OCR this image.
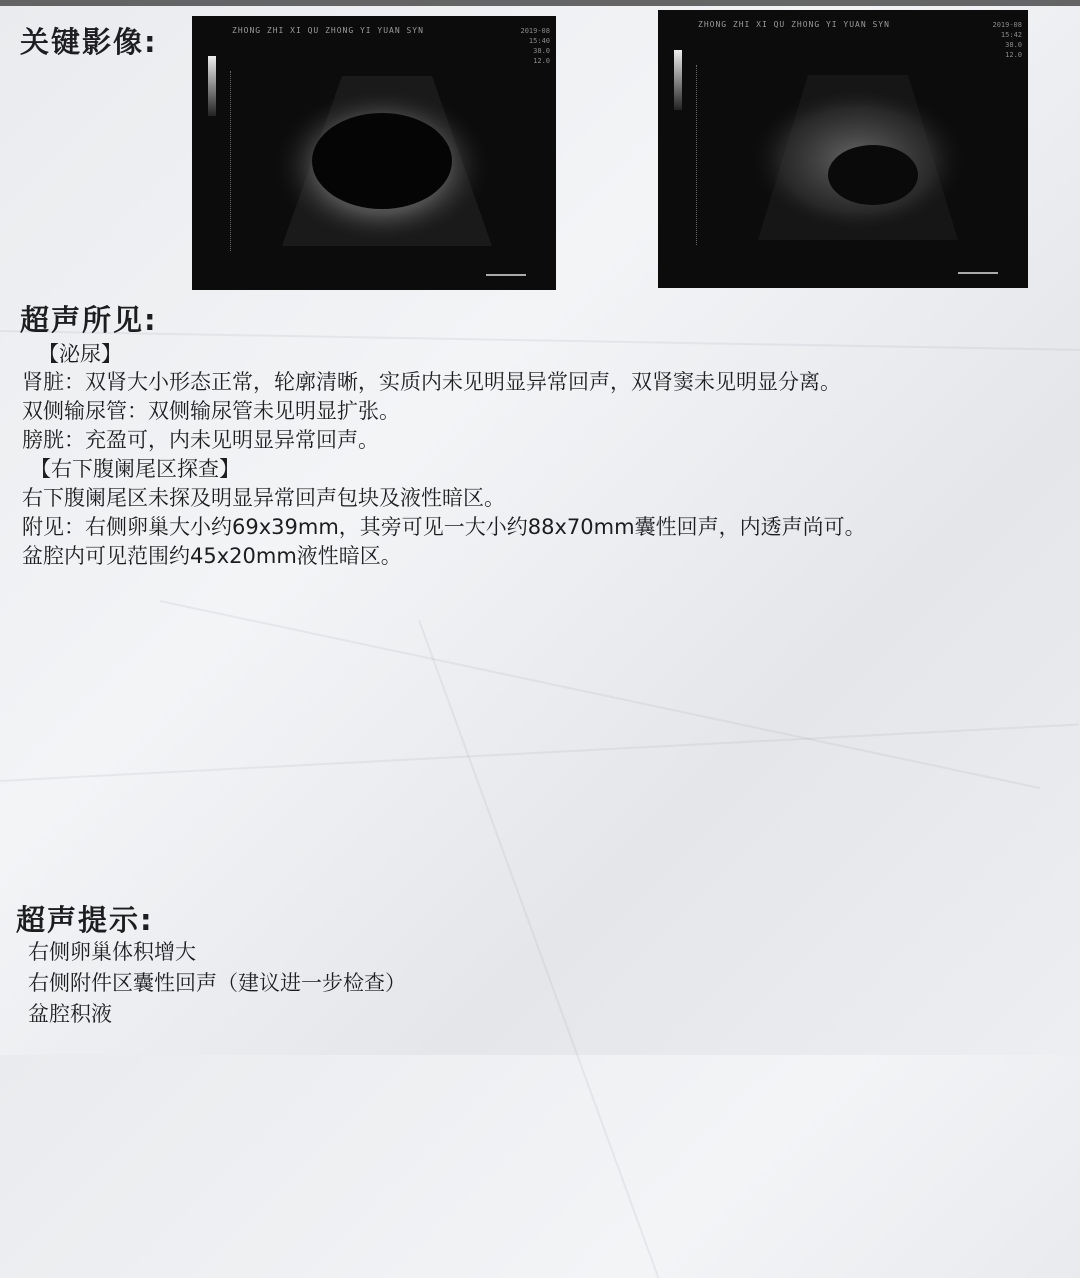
关键影像:	ZHONG ZHI XI QU ZHONG YI YUAN SYN	2019-08
15:40
38.0
12.0
ZHONG ZHI XI QU ZHONG YI YUAN SYN	2019-08
15:42
38.0
12.0
超声所见:
【泌尿】
肾脏：双肾大小形态正常，轮廓清晰，实质内未见明显异常回声，双肾窦未见明显分离。
双侧输尿管：双侧输尿管未见明显扩张。
膀胱：充盈可，内未见明显异常回声。
【右下腹阑尾区探查】
右下腹阑尾区未探及明显异常回声包块及液性暗区。
附见：右侧卵巢大小约69x39mm，其旁可见一大小约88x70mm囊性回声，内透声尚可。
盆腔内可见范围约45x20mm液性暗区。
超声提示:
右侧卵巢体积增大
右侧附件区囊性回声（建议进一步检查）
盆腔积液
